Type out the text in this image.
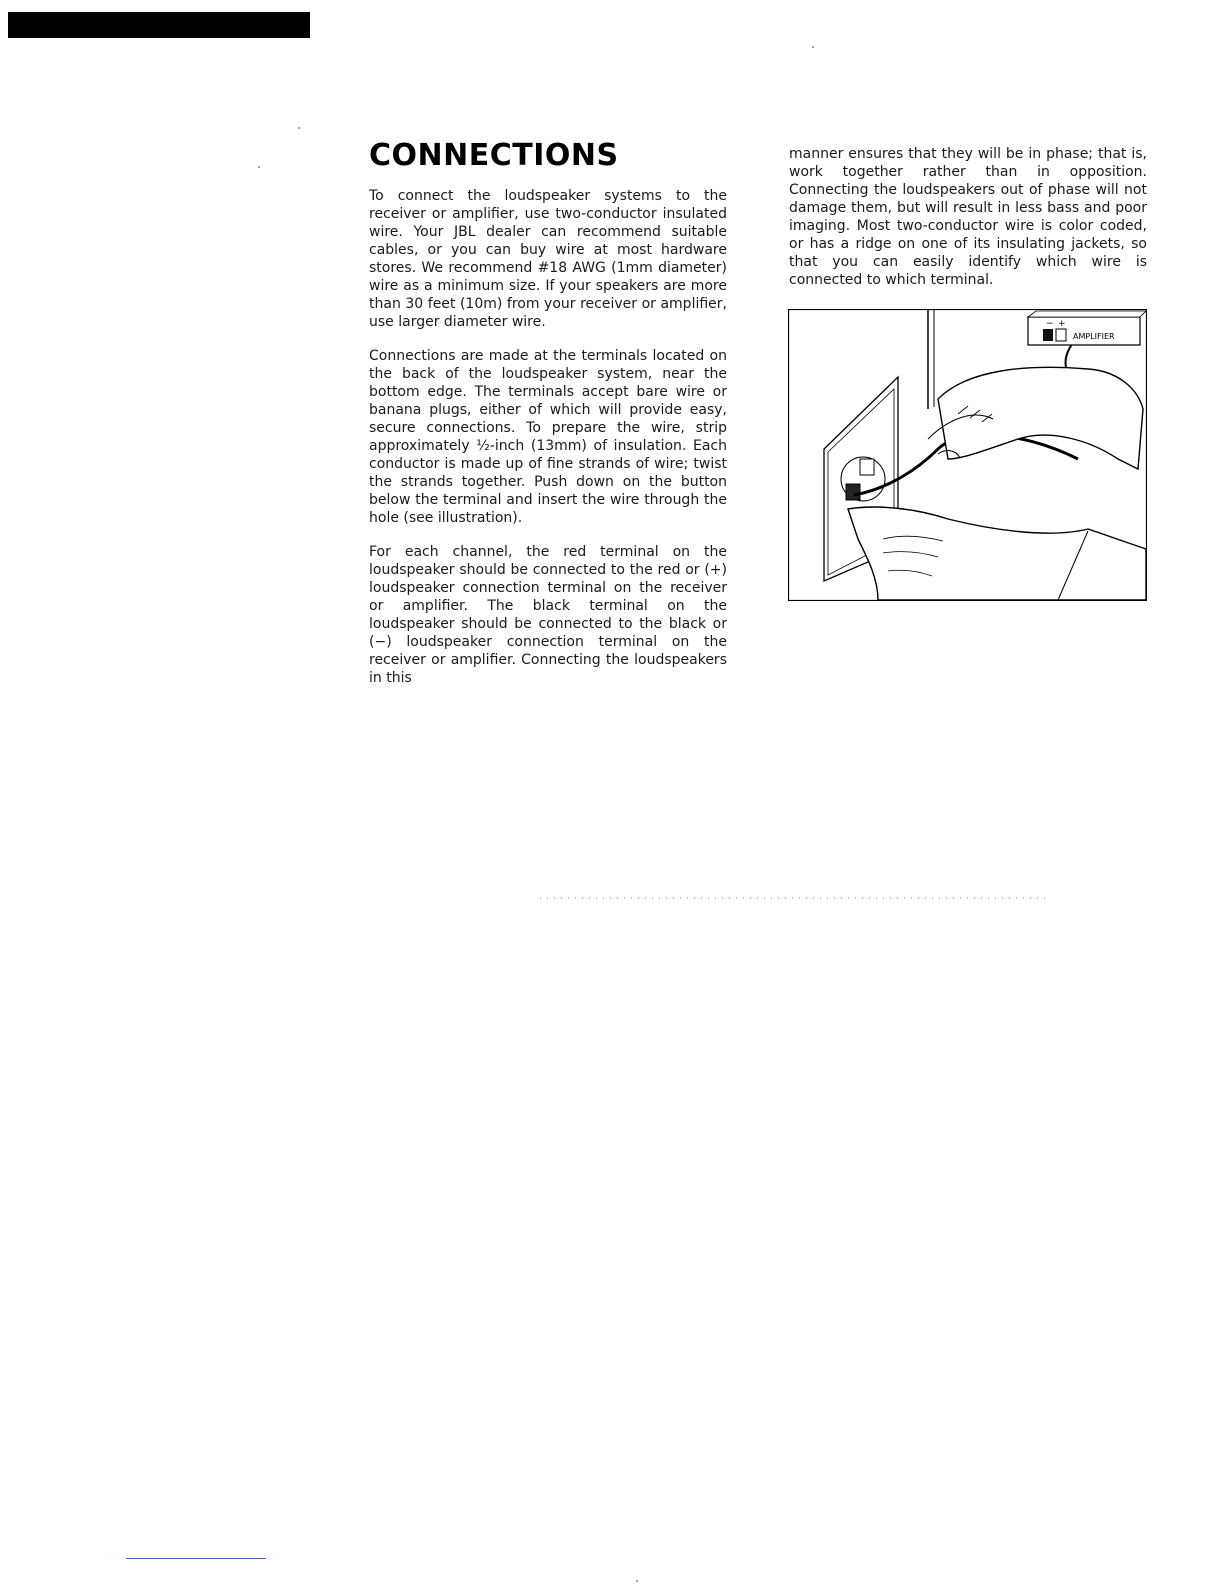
CONNECTIONS

To connect the loudspeaker systems to the receiver or amplifier, use two-conductor insulated wire. Your JBL dealer can recommend suitable cables, or you can buy wire at most hardware stores. We recommend #18 AWG (1mm diameter) wire as a minimum size. If your speakers are more than 30 feet (10m) from your receiver or amplifier, use larger diameter wire.

Connections are made at the terminals located on the back of the loudspeaker system, near the bottom edge. The terminals accept bare wire or banana plugs, either of which will provide easy, secure connections. To prepare the wire, strip approximately ½-inch (13mm) of insulation. Each conductor is made up of fine strands of wire; twist the strands together. Push down on the button below the terminal and insert the wire through the hole (see illustration).

For each channel, the red terminal on the loudspeaker should be connected to the red or (+) loudspeaker connection terminal on the receiver or amplifier. The black terminal on the loudspeaker should be connected to the black or (−) loudspeaker connection terminal on the receiver or amplifier. Connecting the loudspeakers in this

manner ensures that they will be in phase; that is, work together rather than in opposition. Connecting the loudspeakers out of phase will not damage them, but will result in less bass and poor imaging. Most two-conductor wire is color coded, or has a ridge on one of its insulating jackets, so that you can easily identify which wire is connected to which terminal.

− +
AMPLIFIER
